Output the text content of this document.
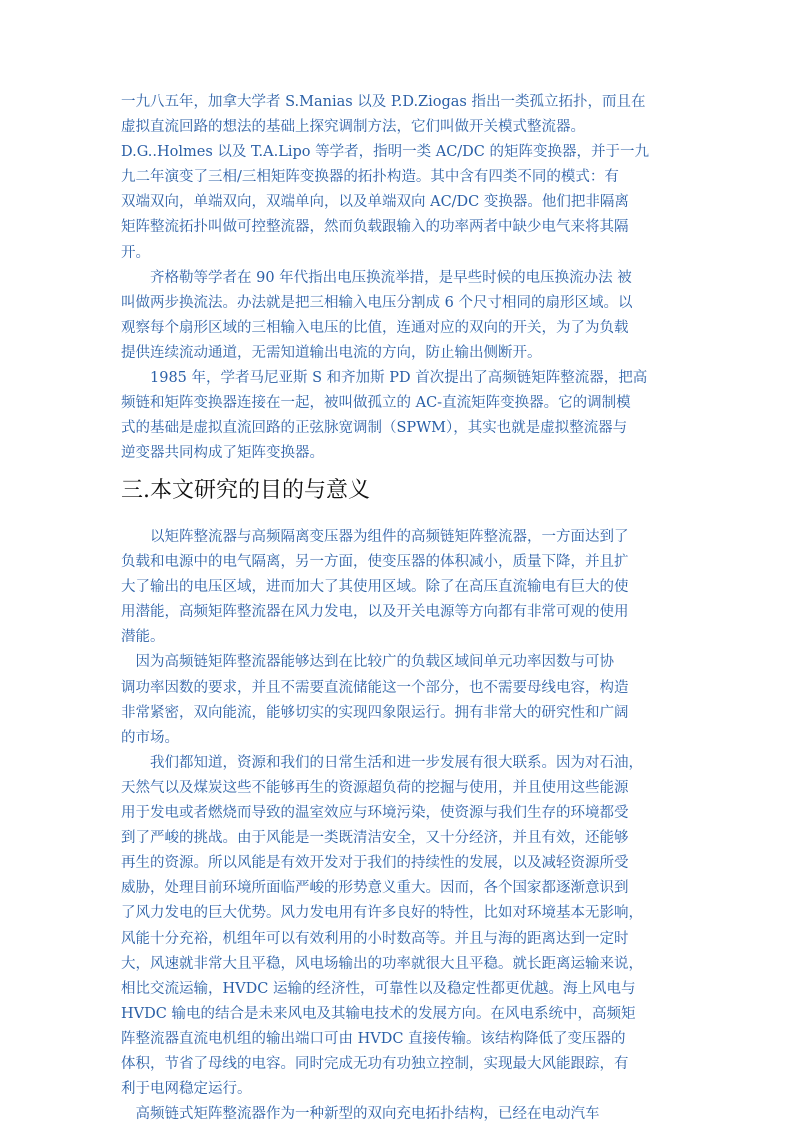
一九八五年，加拿大学者 S.Manias 以及 P.D.Ziogas 指出一类孤立拓扑，而且在
虚拟直流回路的想法的基础上探究调制方法，它们叫做开关模式整流器。
D.G..Holmes 以及 T.A.Lipo 等学者，指明一类 AC/DC 的矩阵变换器，并于一九
九二年演变了三相/三相矩阵变换器的拓扑构造。其中含有四类不同的模式：有
双端双向，单端双向，双端单向，以及单端双向 AC/DC 变换器。他们把非隔离
矩阵整流拓扑叫做可控整流器，然而负载跟输入的功率两者中缺少电气来将其隔
开。

　　齐格勒等学者在 90 年代指出电压换流举措，是早些时候的电压换流办法 被
叫做两步换流法。办法就是把三相输入电压分割成 6 个尺寸相同的扇形区域。以
观察每个扇形区域的三相输入电压的比值，连通对应的双向的开关，为了为负载
提供连续流动通道，无需知道输出电流的方向，防止输出侧断开。

　　1985 年，学者马尼亚斯 S 和齐加斯 PD 首次提出了高频链矩阵整流器，把高
频链和矩阵变换器连接在一起，被叫做孤立的 AC-直流矩阵变换器。它的调制模
式的基础是虚拟直流回路的正弦脉宽调制（SPWM），其实也就是虚拟整流器与
逆变器共同构成了矩阵变换器。

三.本文研究的目的与意义

　　以矩阵整流器与高频隔离变压器为组件的高频链矩阵整流器，一方面达到了
负载和电源中的电气隔离，另一方面，使变压器的体积减小，质量下降，并且扩
大了输出的电压区域，进而加大了其使用区域。除了在高压直流输电有巨大的使
用潜能，高频矩阵整流器在风力发电，以及开关电源等方向都有非常可观的使用
潜能。

　因为高频链矩阵整流器能够达到在比较广的负载区域间单元功率因数与可协
调功率因数的要求，并且不需要直流储能这一个部分，也不需要母线电容，构造
非常紧密，双向能流，能够切实的实现四象限运行。拥有非常大的研究性和广阔
的市场。

　　我们都知道，资源和我们的日常生活和进一步发展有很大联系。因为对石油，
天然气以及煤炭这些不能够再生的资源超负荷的挖掘与使用，并且使用这些能源
用于发电或者燃烧而导致的温室效应与环境污染，使资源与我们生存的环境都受
到了严峻的挑战。由于风能是一类既清洁安全，又十分经济，并且有效，还能够
再生的资源。所以风能是有效开发对于我们的持续性的发展，以及减轻资源所受
威胁，处理目前环境所面临严峻的形势意义重大。因而，各个国家都逐渐意识到
了风力发电的巨大优势。风力发电用有许多良好的特性，比如对环境基本无影响，
风能十分充裕，机组年可以有效利用的小时数高等。并且与海的距离达到一定时
大，风速就非常大且平稳，风电场输出的功率就很大且平稳。就长距离运输来说，
相比交流运输，HVDC 运输的经济性，可靠性以及稳定性都更优越。海上风电与
HVDC 输电的结合是未来风电及其输电技术的发展方向。在风电系统中，高频矩
阵整流器直流电机组的输出端口可由 HVDC 直接传输。该结构降低了变压器的
体积，节省了母线的电容。同时完成无功有功独立控制，实现最大风能跟踪，有
利于电网稳定运行。

　高频链式矩阵整流器作为一种新型的双向充电拓扑结构，已经在电动汽车
